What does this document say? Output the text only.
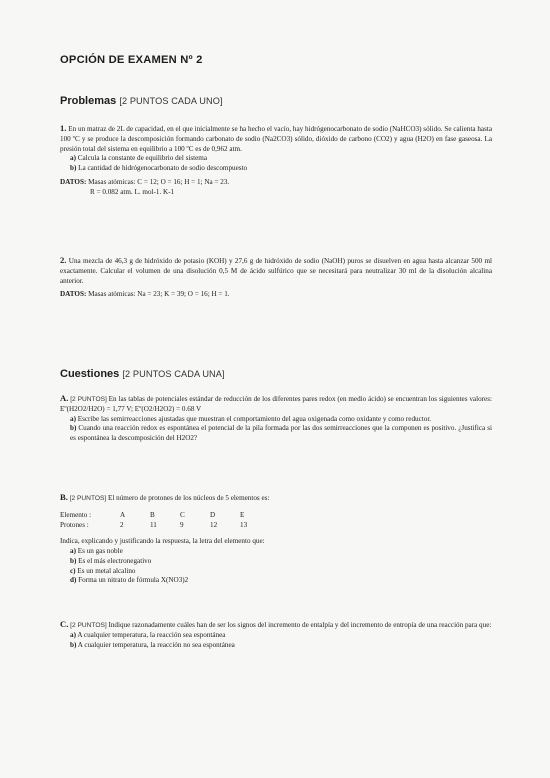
OPCIÓN DE EXAMEN Nº 2
Problemas [2 PUNTOS CADA UNO]

1. En un matraz de 2L de capacidad, en el que inicialmente se ha hecho el vacío, hay hidrógenocarbonato de sodio (NaHCO3) sólido. Se calienta hasta 100 ºC y se produce la descomposición formando carbonato de sodio (Na2CO3) sólido, dióxido de carbono (CO2) y agua (H2O) en fase gaseosa. La presión total del sistema en equilibrio a 100 ºC es de 0,962 atm.

a) Calcula la constante de equilibrio del sistema

b) La cantidad de hidrógenocarbonato de sodio descompuesto

DATOS: Masas atómicas: C = 12; O = 16; H = 1; Na = 23.

R = 0.082 atm. L. mol-1. K-1

2. Una mezcla de 46,3 g de hidróxido de potasio (KOH) y 27,6 g de hidróxido de sodio (NaOH) puros se disuelven en agua hasta alcanzar 500 ml exactamente. Calcular el volumen de una disolución 0,5 M de ácido sulfúrico que se necesitará para neutralizar 30 ml de la disolución alcalina anterior.

DATOS: Masas atómicas: Na = 23; K = 39; O = 16; H = 1.

Cuestiones [2 PUNTOS CADA UNA]

A. [2 PUNTOS] En las tablas de potenciales estándar de reducción de los diferentes pares redox (en medio ácido) se encuentran los siguientes valores: Eº(H2O2/H2O) = 1,77 V; Eº(O2/H2O2) = 0.68 V

a) Escribe las semirreacciones ajustadas que muestran el comportamiento del agua oxigenada como oxidante y como reductor.

b) Cuando una reacción redox es espontánea el potencial de la pila formada por las dos semirreacciones que la componen es positivo. ¿Justifica si es espontánea la descomposición del H2O2?

B. [2 PUNTOS] El número de protones de los núcleos de 5 elementos es:

Elemento :	A	B	C	D	E
Protones :	2	11	9	12	13

Indica, explicando y justificando la respuesta, la letra del elemento que:

a) Es un gas noble

b) Es el más electronegativo

c) Es un metal alcalino

d) Forma un nitrato de fórmula X(NO3)2

C. [2 PUNTOS] Indique razonadamente cuáles han de ser los signos del incremento de entalpía y del incremento de entropía de una reacción para que:

a) A cualquier temperatura, la reacción sea espontánea

b) A cualquier temperatura, la reacción no sea espontánea
